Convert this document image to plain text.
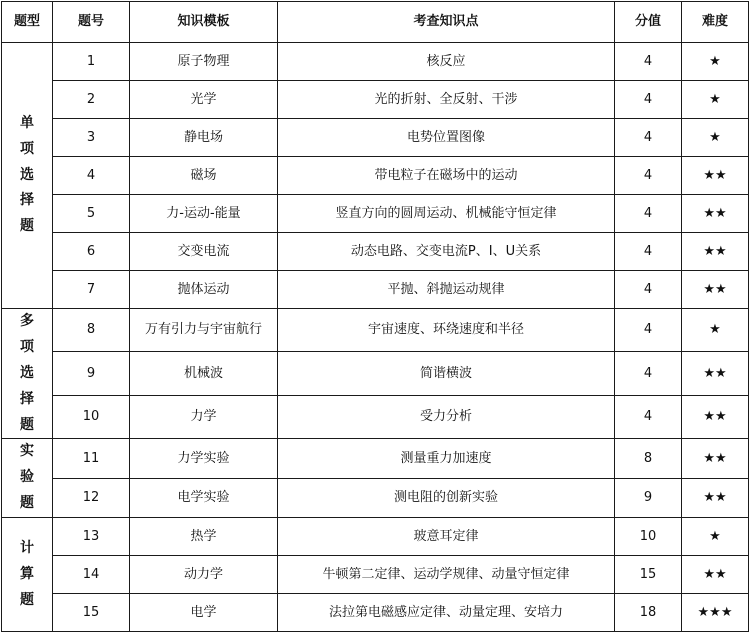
题型	题号	知识模板	考查知识点	分值	难度

单
项
选
择
题	1	原子物理	核反应	4	★
	2	光学	光的折射、全反射、干涉	4	★
	3	静电场	电势位置图像	4	★
	4	磁场	带电粒子在磁场中的运动	4	★★
	5	力-运动-能量	竖直方向的圆周运动、机械能守恒定律	4	★★
	6	交变电流	动态电路、交变电流P、I、U关系	4	★★
	7	抛体运动	平抛、斜抛运动规律	4	★★

多
项
选
择
题	8	万有引力与宇宙航行	宇宙速度、环绕速度和半径	4	★
	9	机械波	简谐横波	4	★★
	10	力学	受力分析	4	★★

实
验
题	11	力学实验	测量重力加速度	8	★★
	12	电学实验	测电阻的创新实验	9	★★

计
算
题	13	热学	玻意耳定律	10	★
	14	动力学	牛顿第二定律、运动学规律、动量守恒定律	15	★★
	15	电学	法拉第电磁感应定律、动量定理、安培力	18	★★★
